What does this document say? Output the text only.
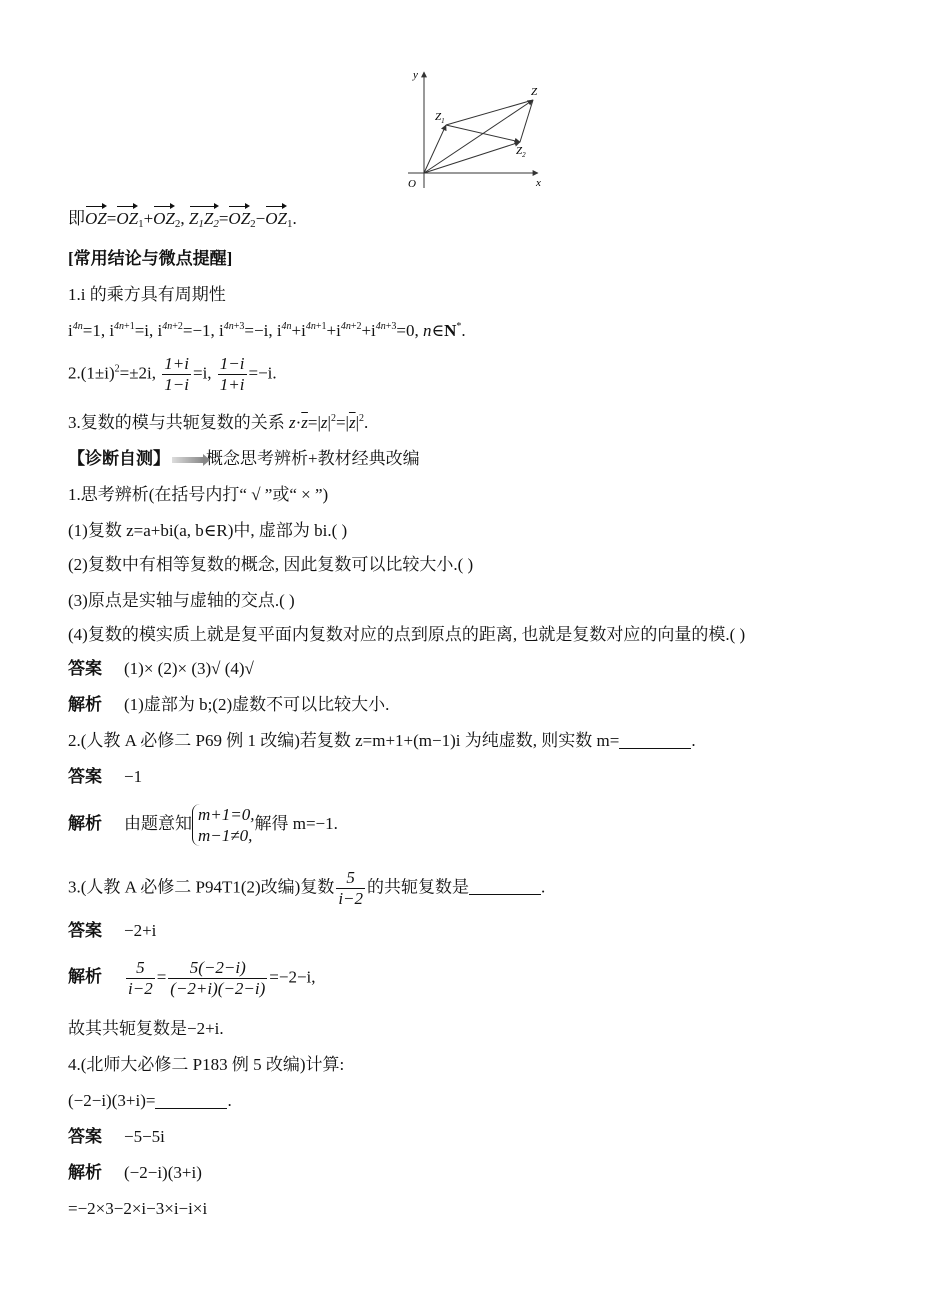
y
x
O
Z
$Z_1$
$Z_2$
即$OZ=OZ_1+OZ_2$, $Z_1Z_2=OZ_2-OZ_1$.
[常用结论与微点提醒]
1.i 的乘方具有周期性
$i^{4n}=1$, $i^{4n+1}=i$, $i^{4n+2}=-1$, $i^{4n+3}=-i$, $i^{4n}+i^{4n+1}+i^{4n+2}+i^{4n+3}=0$, n∈N*.
$2.(1\pm i)^2=\pm 2i$, $\frac{1+i}{1-i} =i$, $\frac{1-i}{1+i} =-i$.
3.复数的模与共轭复数的关系 $z\cdot\overline{z}=|z|^2=|\overline{z}|^2$.
【诊断自测】 概念思考辨析+教材经典改编
1.思考辨析(在括号内打“ √ ”或“ × ”)
(1)复数 z=a+bi(a, b∈R)中, 虚部为 bi.( )
(2)复数中有相等复数的概念, 因此复数可以比较大小.( )
(3)原点是实轴与虚轴的交点.( )
(4)复数的模实质上就是复平面内复数对应的点到原点的距离, 也就是复数对应的向量的模.( )
答案 (1)× (2)× (3)√ (4)√
解析 (1)虚部为 b;(2)虚数不可以比较大小.
2.(人教 A 必修二 P69 例 1 改编)若复数 z=m+1+(m−1)i 为纯虚数, 则实数 m=	.
答案 −1
解析 由题意知 m+1=0,
m−1≠0,
解得 m=−1.
3.(人教 A 必修二 P94T1(2)改编)复数 $\frac{5}{i-2}$ 的共轭复数是	.
答案 −2+i
解析 $\frac{5}{i-2} = \frac{5(-2-i)}{(-2+i)(-2-i)} =-2-i$,
故其共轭复数是−2+i.
4.(北师大必修二 P183 例 5 改编)计算:
(−2−i)(3+i)=	.
答案 −5−5i
解析 (−2−i)(3+i)
=−2×3−2×i−3×i−i×i
